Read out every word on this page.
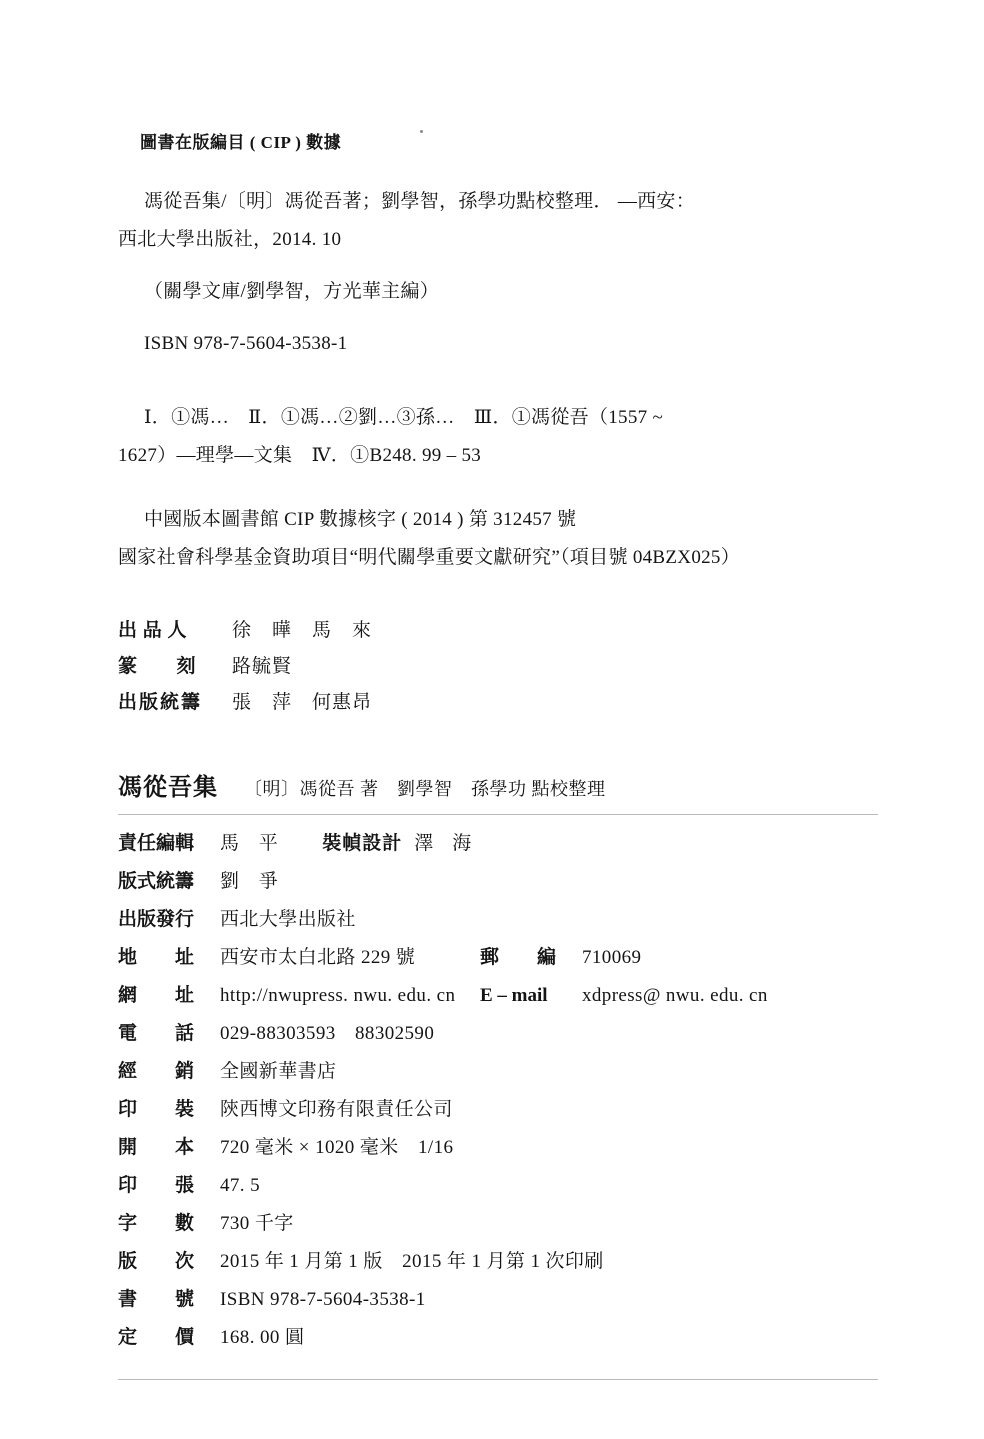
圖書在版編目 ( CIP ) 數據
馮從吾集/〔明〕馮從吾著；劉學智，孫學功點校整理． —西安：
西北大學出版社，2014. 10
（關學文庫/劉學智，方光華主編）
ISBN 978-7-5604-3538-1
Ⅰ．①馮…　Ⅱ．①馮…②劉…③孫…　Ⅲ．①馮從吾（1557 ~
1627）—理學—文集　Ⅳ．①B248. 99 – 53
中國版本圖書館 CIP 數據核字 ( 2014 ) 第 312457 號
國家社會科學基金資助項目“明代關學重要文獻研究”（項目號 04BZX025）
出 品 人	徐　曄　馬　來
篆　　刻	路毓賢
出版統籌	張　萍　何惠昂
馮從吾集 〔明〕馮從吾 著　劉學智　孫學功 點校整理
責任編輯	馬　平 裝幀設計 澤　海
版式統籌	劉　爭
出版發行	西北大學出版社
地　　址	西安市太白北路 229 號	郵　　編	710069
網　　址	http://nwupress. nwu. edu. cn	E – mail	xdpress@ nwu. edu. cn
電　　話	029-88303593　88302590
經　　銷	全國新華書店
印　　裝	陝西博文印務有限責任公司
開　　本	720 毫米 × 1020 毫米　1/16
印　　張	47. 5
字　　數	730 千字
版　　次	2015 年 1 月第 1 版　2015 年 1 月第 1 次印刷
書　　號	ISBN 978-7-5604-3538-1
定　　價	168. 00 圓
